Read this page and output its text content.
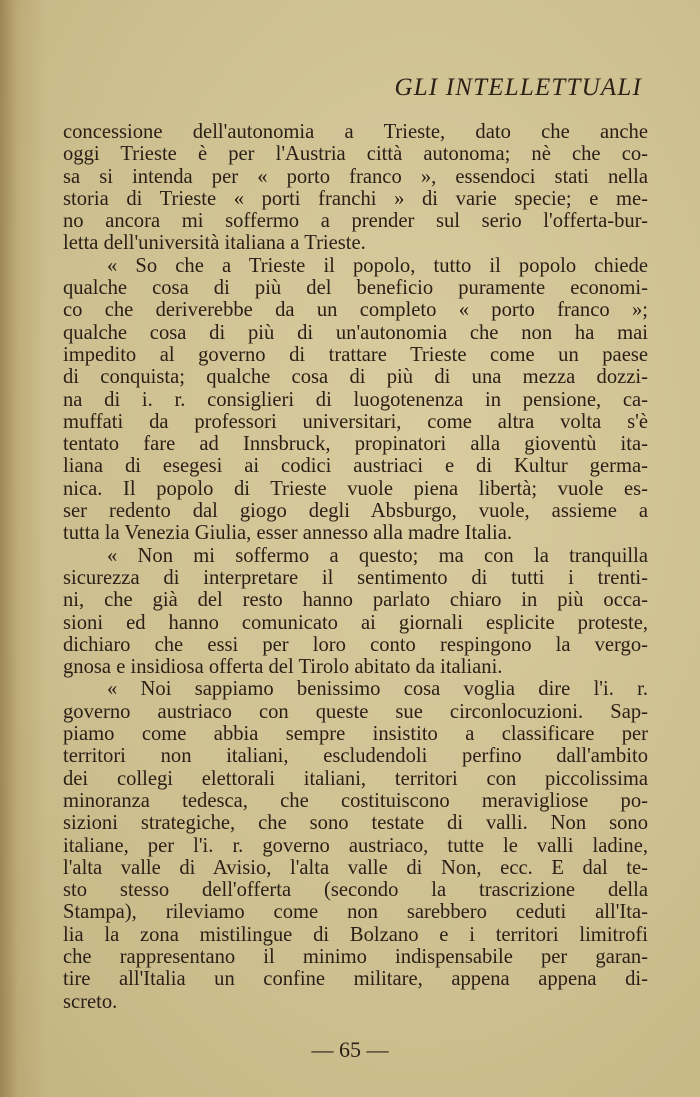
GLI INTELLETTUALI
concessione dell'autonomia a Trieste, dato che anche
oggi Trieste è per l'Austria città autonoma; nè che co-
sa si intenda per « porto franco », essendoci stati nella
storia di Trieste « porti franchi » di varie specie; e me-
no ancora mi soffermo a prender sul serio l'offerta-bur-
letta dell'università italiana a Trieste.
« So che a Trieste il popolo, tutto il popolo chiede
qualche cosa di più del beneficio puramente economi-
co che deriverebbe da un completo « porto franco »;
qualche cosa di più di un'autonomia che non ha mai
impedito al governo di trattare Trieste come un paese
di conquista; qualche cosa di più di una mezza dozzi-
na di i. r. consiglieri di luogotenenza in pensione, ca-
muffati da professori universitari, come altra volta s'è
tentato fare ad Innsbruck, propinatori alla gioventù ita-
liana di esegesi ai codici austriaci e di Kultur germa-
nica. Il popolo di Trieste vuole piena libertà; vuole es-
ser redento dal giogo degli Absburgo, vuole, assieme a
tutta la Venezia Giulia, esser annesso alla madre Italia.
« Non mi soffermo a questo; ma con la tranquilla
sicurezza di interpretare il sentimento di tutti i trenti-
ni, che già del resto hanno parlato chiaro in più occa-
sioni ed hanno comunicato ai giornali esplicite proteste,
dichiaro che essi per loro conto respingono la vergo-
gnosa e insidiosa offerta del Tirolo abitato da italiani.
« Noi sappiamo benissimo cosa voglia dire l'i. r.
governo austriaco con queste sue circonlocuzioni. Sap-
piamo come abbia sempre insistito a classificare per
territori non italiani, escludendoli perfino dall'ambito
dei collegi elettorali italiani, territori con piccolissima
minoranza tedesca, che costituiscono meravigliose po-
sizioni strategiche, che sono testate di valli. Non sono
italiane, per l'i. r. governo austriaco, tutte le valli ladine,
l'alta valle di Avisio, l'alta valle di Non, ecc. E dal te-
sto stesso dell'offerta (secondo la trascrizione della
Stampa), rileviamo come non sarebbero ceduti all'Ita-
lia la zona mistilingue di Bolzano e i territori limitrofi
che rappresentano il minimo indispensabile per garan-
tire all'Italia un confine militare, appena appena di-
screto.
— 65 —
